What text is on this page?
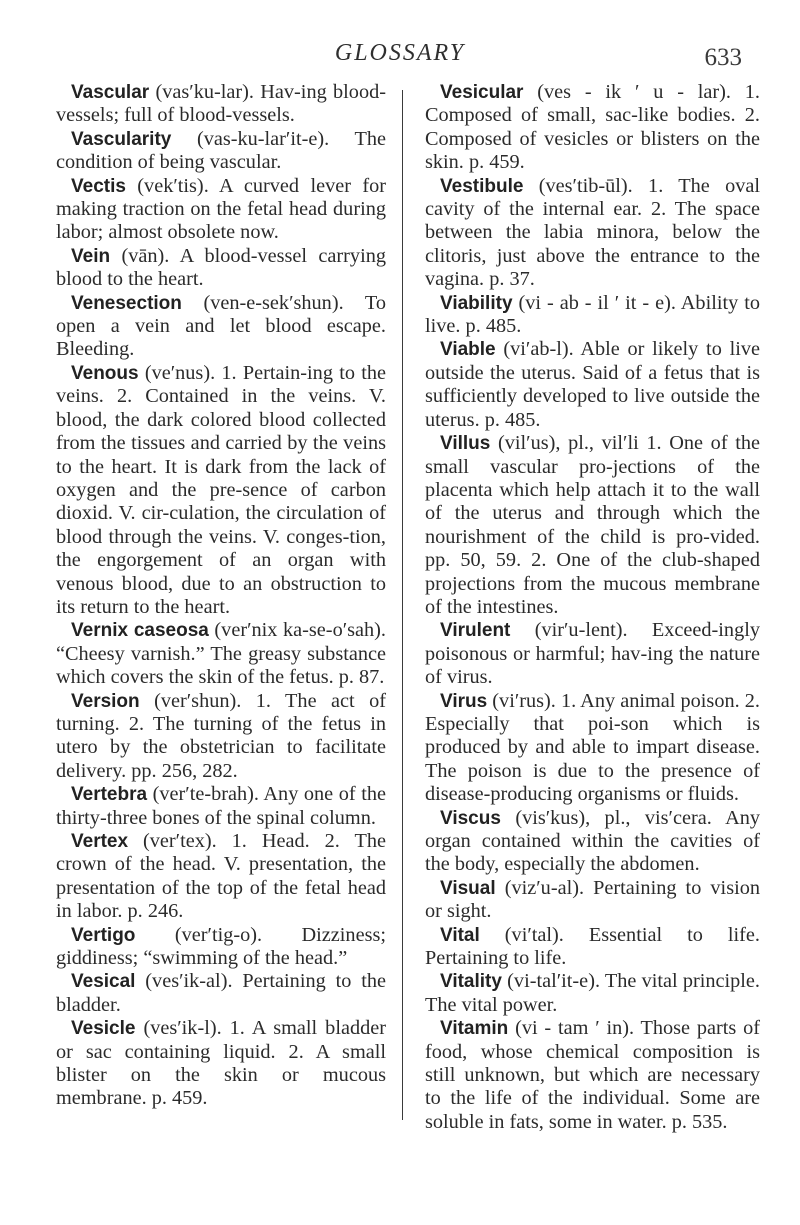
GLOSSARY	633

Vascular (vas′ku-lar). Hav-ing blood-vessels; full of blood-vessels.

Vascularity (vas-ku-lar′it-e). The condition of being vascular.

Vectis (vek′tis). A curved lever for making traction on the fetal head during labor; almost obsolete now.

Vein (vān). A blood-vessel carrying blood to the heart.

Venesection (ven-e-sek′shun). To open a vein and let blood escape. Bleeding.

Venous (ve′nus). 1. Pertain-ing to the veins. 2. Contained in the veins. V. blood, the dark colored blood collected from the tissues and carried by the veins to the heart. It is dark from the lack of oxygen and the pre-sence of carbon dioxid. V. cir-culation, the circulation of blood through the veins. V. conges-tion, the engorgement of an organ with venous blood, due to an obstruction to its return to the heart.

Vernix caseosa (ver′nix ka-se-o′sah). “Cheesy varnish.” The greasy substance which covers the skin of the fetus. p. 87.

Version (ver′shun). 1. The act of turning. 2. The turning of the fetus in utero by the obstetrician to facilitate delivery. pp. 256, 282.

Vertebra (ver′te-brah). Any one of the thirty-three bones of the spinal column.

Vertex (ver′tex). 1. Head. 2. The crown of the head. V. presentation, the presentation of the top of the fetal head in labor. p. 246.

Vertigo (ver′tig-o). Dizziness; giddiness; “swimming of the head.”

Vesical (ves′ik-al). Pertaining to the bladder.

Vesicle (ves′ik-l). 1. A small bladder or sac containing liquid. 2. A small blister on the skin or mucous membrane. p. 459.

Vesicular (ves - ik ′ u - lar). 1. Composed of small, sac-like bodies. 2. Composed of vesicles or blisters on the skin. p. 459.

Vestibule (ves′tib-ūl). 1. The oval cavity of the internal ear. 2. The space between the labia minora, below the clitoris, just above the entrance to the vagina. p. 37.

Viability (vi - ab - il ′ it - e). Ability to live. p. 485.

Viable (vi′ab-l). Able or likely to live outside the uterus. Said of a fetus that is sufficiently developed to live outside the uterus. p. 485.

Villus (vil′us), pl., vil′li 1. One of the small vascular pro-jections of the placenta which help attach it to the wall of the uterus and through which the nourishment of the child is pro-vided. pp. 50, 59. 2. One of the club-shaped projections from the mucous membrane of the intestines.

Virulent (vir′u-lent). Exceed-ingly poisonous or harmful; hav-ing the nature of virus.

Virus (vi′rus). 1. Any animal poison. 2. Especially that poi-son which is produced by and able to impart disease. The poison is due to the presence of disease-producing organisms or fluids.

Viscus (vis′kus), pl., vis′cera. Any organ contained within the cavities of the body, especially the abdomen.

Visual (viz′u-al). Pertaining to vision or sight.

Vital (vi′tal). Essential to life. Pertaining to life.

Vitality (vi-tal′it-e). The vital principle. The vital power.

Vitamin (vi - tam ′ in). Those parts of food, whose chemical composition is still unknown, but which are necessary to the life of the individual. Some are soluble in fats, some in water. p. 535.
